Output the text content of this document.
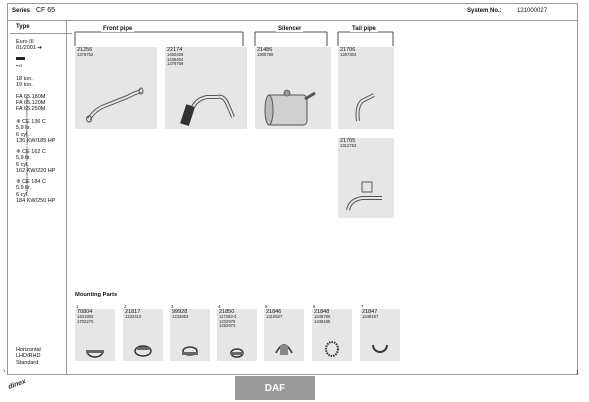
Series CF 65	System No.:	121000027
Manufactured part numbers are quoted for reference only
Type
Euro III
01/2001 ➔
▪▫o
18 ton.
19 ton.
FA 65.180M
FA 65.120M
FA 65.250M
⁜ CE 136 C
5,9 ltr.
6 cyl.
136 KW/185 HP
⁜ CE 162 C
5,9 ltr.
6 cyl.
162 KW/220 HP
⁜ CE 184 C
5,9 ltr.
6 cyl.
184 KW/250 HP
Horizontal
LHD/RHD
Standard
Front pipe	Silencer	Tail pipe
21256
1379752
22174
1450408
1436454
1379759
21486
1905769
21706
1287304
21705
1312753
Mounting Parts
1
70804
1401893
1702270
2
21817
1232410
3
99928
1233653
4
21850
117283-3
1232979
1452973
5
21846
1310527
6
21848
1248785
1436185
7
21847
1249187
1	1
dinex	DAF
